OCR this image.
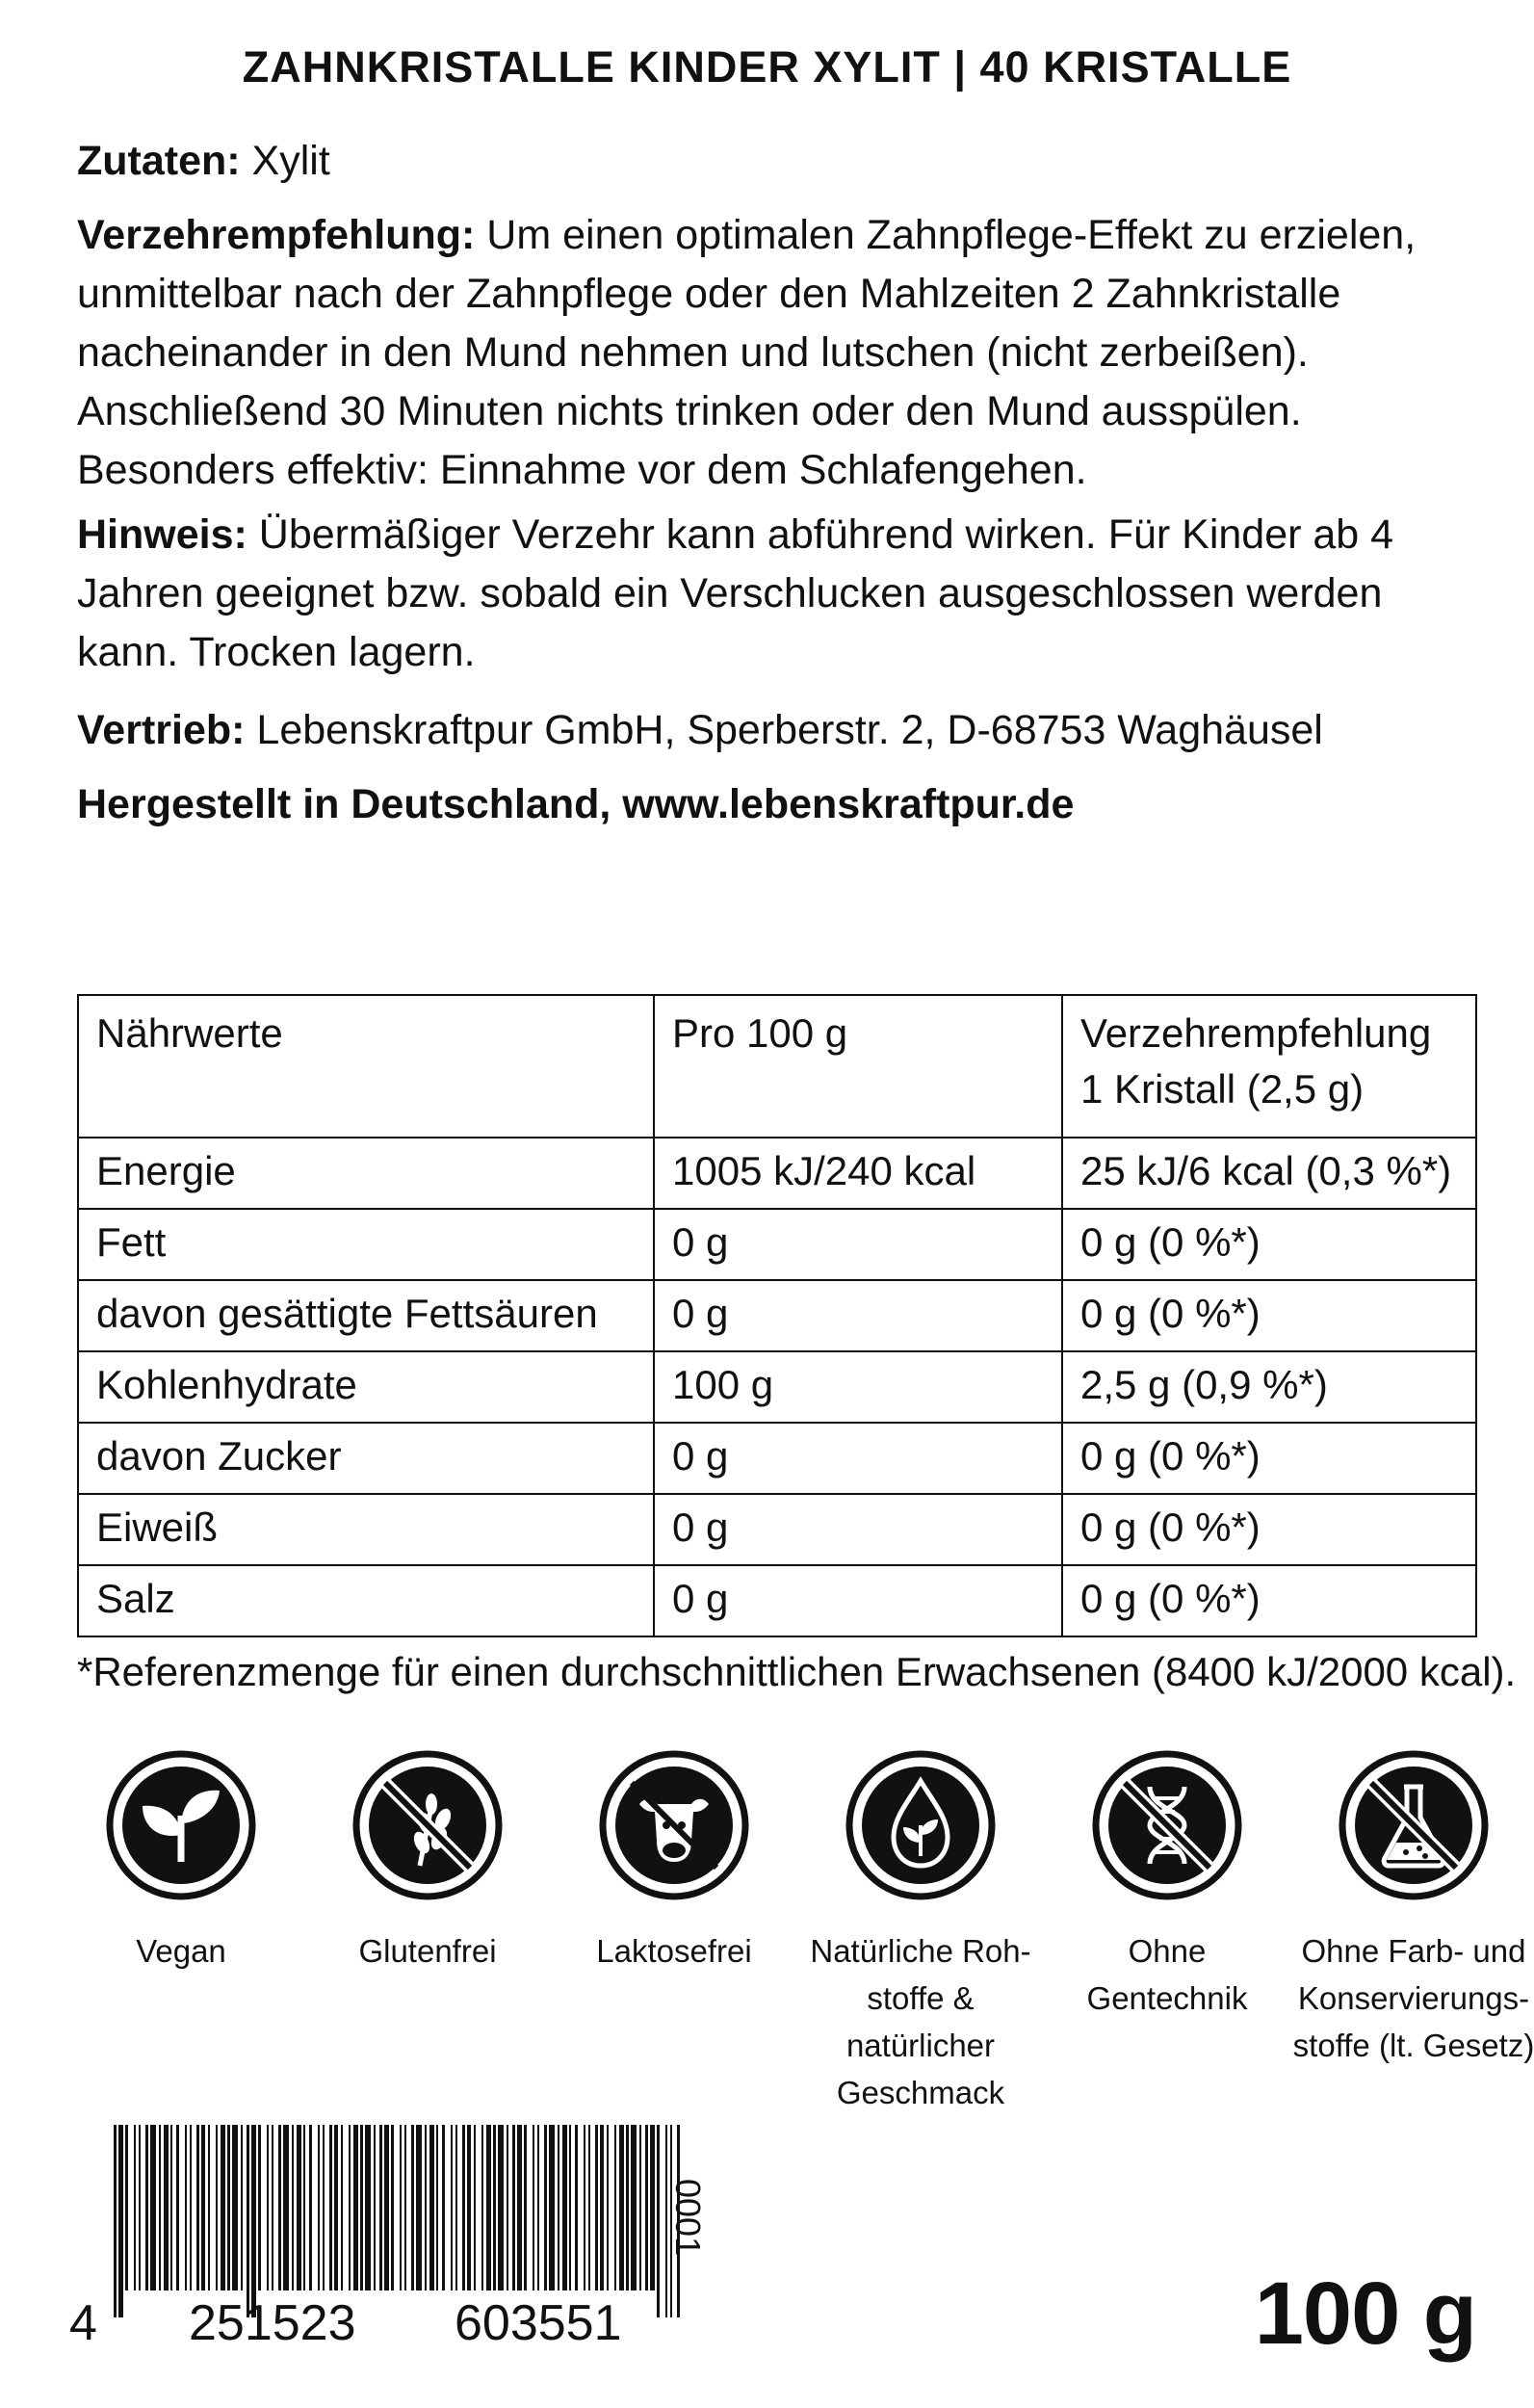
ZAHNKRISTALLE KINDER XYLIT | 40 KRISTALLE
Zutaten: Xylit
Verzehrempfehlung: Um einen optimalen Zahnpflege-Effekt zu erzielen, unmittelbar nach der Zahnpflege oder den Mahlzeiten 2 Zahnkristalle nacheinander in den Mund nehmen und lutschen (nicht zerbeißen). Anschließend 30 Minuten nichts trinken oder den Mund ausspülen. Besonders effektiv: Einnahme vor dem Schlafengehen.
Hinweis: Übermäßiger Verzehr kann abführend wirken. Für Kinder ab 4 Jahren geeignet bzw. sobald ein Verschlucken ausgeschlossen werden kann. Trocken lagern.
Vertrieb: Lebenskraftpur GmbH, Sperberstr. 2, D-68753 Waghäusel
Hergestellt in Deutschland, www.lebenskraftpur.de
Nährwerte	Pro 100 g	Verzehrempfehlung
1 Kristall (2,5 g)
Energie	1005 kJ/240 kcal	25 kJ/6 kcal (0,3 %*)
Fett	0 g	0 g (0 %*)
davon gesättigte Fettsäuren	0 g	0 g (0 %*)
Kohlenhydrate	100 g	2,5 g (0,9 %*)
davon Zucker	0 g	0 g (0 %*)
Eiweiß	0 g	0 g (0 %*)
Salz	0 g	0 g (0 %*)
*Referenzmenge für einen durchschnittlichen Erwachsenen (8400 kJ/2000 kcal).
Vegan	Glutenfrei	Laktosefrei	Natürliche Roh-
stoffe & natürlicher
Geschmack
Ohne
Gentechnik
Ohne Farb- und
Konservierungs-
stoffe (lt. Gesetz)
4 251523 603551
0001
100 g
